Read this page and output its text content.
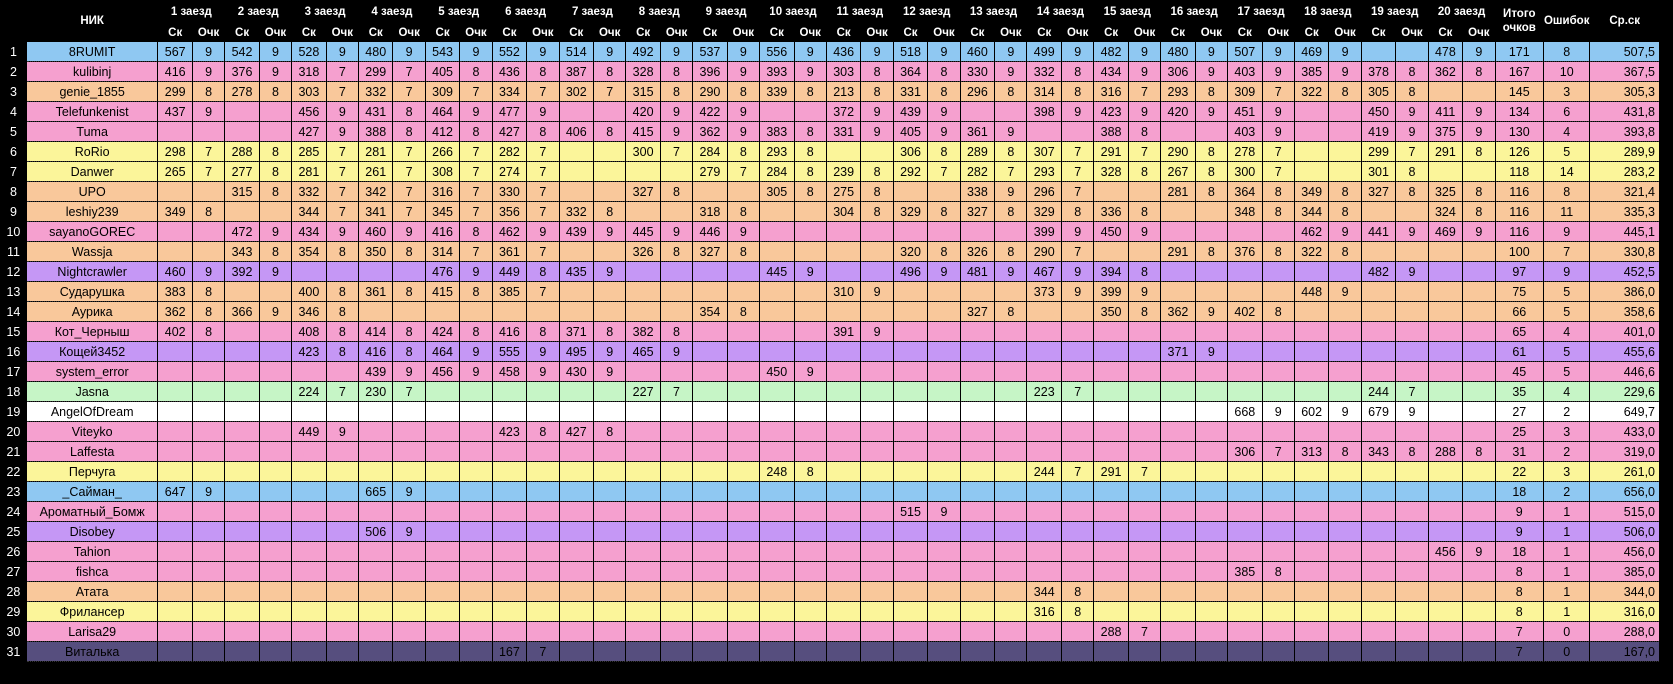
	НИК	1 заезд		2 заезд		3 заезд		4 заезд		5 заезд		6 заезд		7 заезд		8 заезд		9 заезд		10 заезд		11 заезд		12 заезд		13 заезд		14 заезд		15 заезд		16 заезд		17 заезд		18 заезд		19 заезд		20 заезд		Итого очков	Ошибок	Ср.ск
		Ск	Очк	Ск	Очк	Ск	Очк	Ск	Очк	Ск	Очк	Ск	Очк	Ск	Очк	Ск	Очк	Ск	Очк	Ск	Очк	Ск	Очк	Ск	Очк	Ск	Очк	Ск	Очк	Ск	Очк	Ск	Очк	Ск	Очк	Ск	Очк	Ск	Очк	Ск	Очк			
1	8RUMIT	567	9	542	9	528	9	480	9	543	9	552	9	514	9	492	9	537	9	556	9	436	9	518	9	460	9	499	9	482	9	480	9	507	9	469	9			478	9	171	8	507,5
2	kulibinj	416	9	376	9	318	7	299	7	405	8	436	8	387	8	328	8	396	9	393	9	303	8	364	8	330	9	332	8	434	9	306	9	403	9	385	9	378	8	362	8	167	10	367,5
3	genie_1855	299	8	278	8	303	7	332	7	309	7	334	7	302	7	315	8	290	8	339	8	213	8	331	8	296	8	314	8	316	7	293	8	309	7	322	8	305	8			145	3	305,3
4	Telefunkenist	437	9			456	9	431	8	464	9	477	9			420	9	422	9			372	9	439	9			398	9	423	9	420	9	451	9			450	9	411	9	134	6	431,8
5	Tuma					427	9	388	8	412	8	427	8	406	8	415	9	362	9	383	8	331	9	405	9	361	9			388	8			403	9			419	9	375	9	130	4	393,8
6	RoRio	298	7	288	8	285	7	281	7	266	7	282	7			300	7	284	8	293	8			306	8	289	8	307	7	291	7	290	8	278	7			299	7	291	8	126	5	289,9
7	Danwer	265	7	277	8	281	7	261	7	308	7	274	7					279	7	284	8	239	8	292	7	282	7	293	7	328	8	267	8	300	7			301	8			118	14	283,2
8	UPO			315	8	332	7	342	7	316	7	330	7			327	8			305	8	275	8			338	9	296	7			281	8	364	8	349	8	327	8	325	8	116	8	321,4
9	leshiy239	349	8			344	7	341	7	345	7	356	7	332	8			318	8			304	8	329	8	327	8	329	8	336	8			348	8	344	8			324	8	116	11	335,3
10	sayanoGOREC			472	9	434	9	460	9	416	8	462	9	439	9	445	9	446	9									399	9	450	9					462	9	441	9	469	9	116	9	445,1
11	Wassja			343	8	354	8	350	8	314	7	361	7			326	8	327	8					320	8	326	8	290	7			291	8	376	8	322	8					100	7	330,8
12	Nightcrawler	460	9	392	9					476	9	449	8	435	9					445	9			496	9	481	9	467	9	394	8							482	9			97	9	452,5
13	Сударушка	383	8			400	8	361	8	415	8	385	7									310	9					373	9	399	9					448	9					75	5	386,0
14	Аурика	362	8	366	9	346	8											354	8							327	8			350	8	362	9	402	8							66	5	358,6
15	Кот_Черныш	402	8			408	8	414	8	424	8	416	8	371	8	382	8					391	9																			65	4	401,0
16	Кощей3452					423	8	416	8	464	9	555	9	495	9	465	9															371	9									61	5	455,6
17	system_error							439	9	456	9	458	9	430	9					450	9																					45	5	446,6
18	Jasna					224	7	230	7							227	7											223	7									244	7			35	4	229,6
19	AngelOfDream																																	668	9	602	9	679	9			27	2	649,7
20	Viteyko					449	9					423	8	427	8																											25	3	433,0
21	Laffesta																																	306	7	313	8	343	8	288	8	31	2	319,0
22	Перчуга																			248	8							244	7	291	7											22	3	261,0
23	_Сайман_	647	9					665	9																																	18	2	656,0
24	Ароматный_Бомж																							515	9																	9	1	515,0
25	Disobey							506	9																																	9	1	506,0
26	Tahion																																							456	9	18	1	456,0
27	fishca																																	385	8							8	1	385,0
28	Атата																											344	8													8	1	344,0
29	Фрилансер																											316	8													8	1	316,0
30	Larisa29																													288	7											7	0	288,0
31	Виталька											167	7																													7	0	167,0
